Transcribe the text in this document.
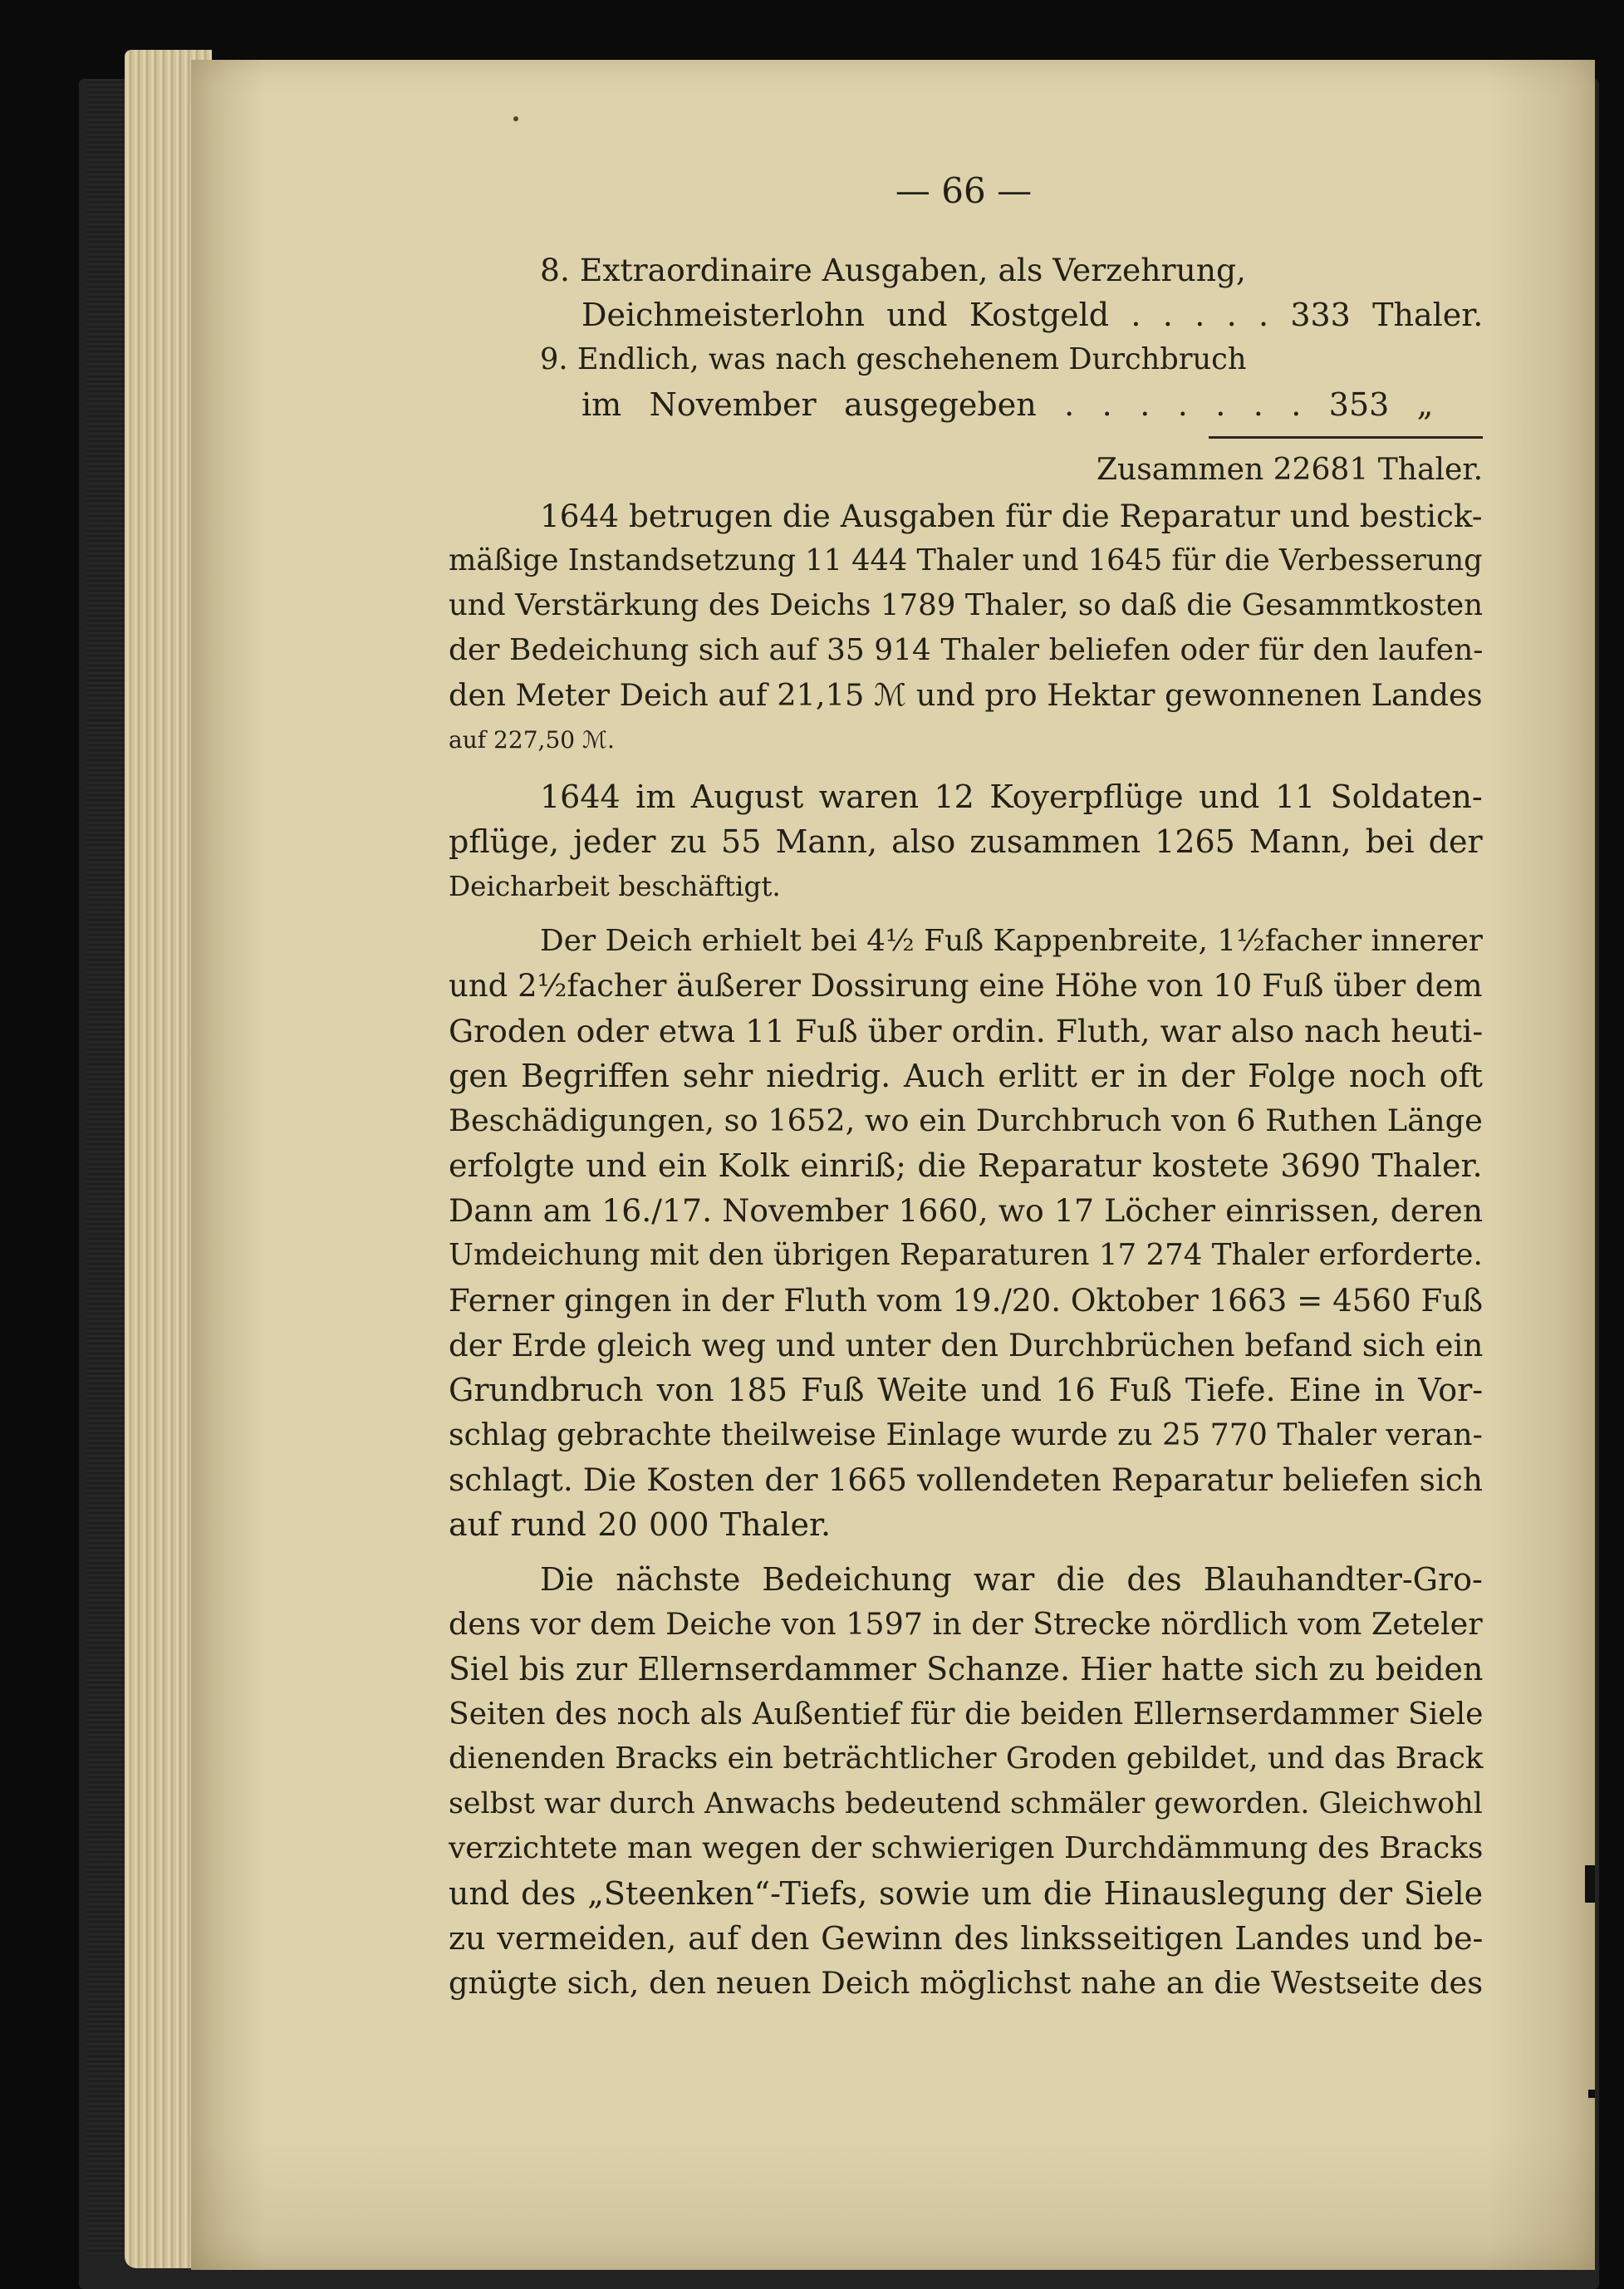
— 66 —
8. Extraordinaire Ausgaben, als Verzehrung,
Deichmeisterlohn und Kostgeld . . . . . 333 Thaler.
9. Endlich, was nach geschehenem Durchbruch
im November ausgegeben . . . . . . . 353 „
Zusammen 22681 Thaler.
1644 betrugen die Ausgaben für die Reparatur und bestick-
mäßige Instandsetzung 11 444 Thaler und 1645 für die Verbesserung
und Verstärkung des Deichs 1789 Thaler, so daß die Gesammtkosten
der Bedeichung sich auf 35 914 Thaler beliefen oder für den laufen-
den Meter Deich auf 21,15 ℳ und pro Hektar gewonnenen Landes
auf 227,50 ℳ.
1644 im August waren 12 Koyerpflüge und 11 Soldaten-
pflüge, jeder zu 55 Mann, also zusammen 1265 Mann, bei der
Deicharbeit beschäftigt.
Der Deich erhielt bei 4½ Fuß Kappenbreite, 1½facher innerer
und 2½facher äußerer Dossirung eine Höhe von 10 Fuß über dem
Groden oder etwa 11 Fuß über ordin. Fluth, war also nach heuti-
gen Begriffen sehr niedrig. Auch erlitt er in der Folge noch oft
Beschädigungen, so 1652, wo ein Durchbruch von 6 Ruthen Länge
erfolgte und ein Kolk einriß; die Reparatur kostete 3690 Thaler.
Dann am 16./17. November 1660, wo 17 Löcher einrissen, deren
Umdeichung mit den übrigen Reparaturen 17 274 Thaler erforderte.
Ferner gingen in der Fluth vom 19./20. Oktober 1663 = 4560 Fuß
der Erde gleich weg und unter den Durchbrüchen befand sich ein
Grundbruch von 185 Fuß Weite und 16 Fuß Tiefe. Eine in Vor-
schlag gebrachte theilweise Einlage wurde zu 25 770 Thaler veran-
schlagt. Die Kosten der 1665 vollendeten Reparatur beliefen sich
auf rund 20 000 Thaler.
Die nächste Bedeichung war die des Blauhandter-Gro-
dens vor dem Deiche von 1597 in der Strecke nördlich vom Zeteler
Siel bis zur Ellernserdammer Schanze. Hier hatte sich zu beiden
Seiten des noch als Außentief für die beiden Ellernserdammer Siele
dienenden Bracks ein beträchtlicher Groden gebildet, und das Brack
selbst war durch Anwachs bedeutend schmäler geworden. Gleichwohl
verzichtete man wegen der schwierigen Durchdämmung des Bracks
und des „Steenken“-Tiefs, sowie um die Hinauslegung der Siele
zu vermeiden, auf den Gewinn des linksseitigen Landes und be-
gnügte sich, den neuen Deich möglichst nahe an die Westseite des
